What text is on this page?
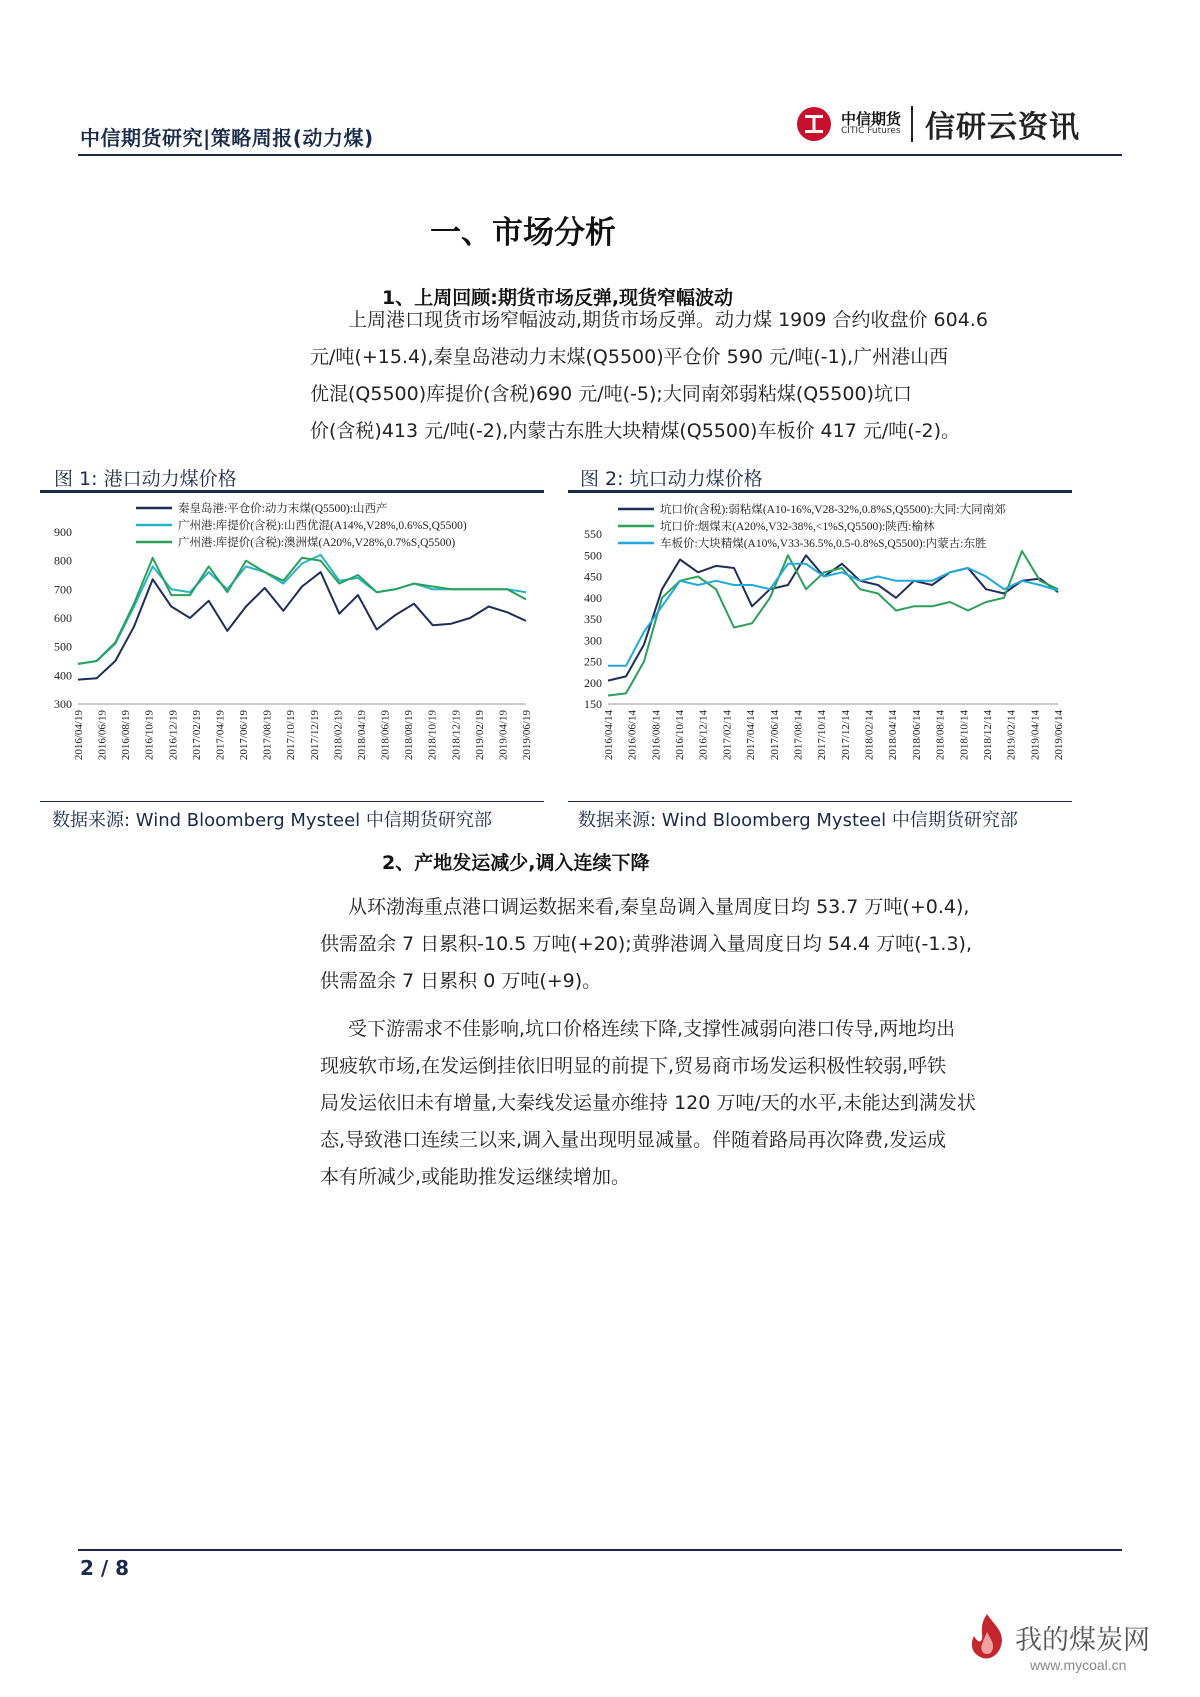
中信期货研究|策略周报(动力煤)
中信期货
CITIC Futures 信研云资讯
一、市场分析
1、上周回顾:期货市场反弹,现货窄幅波动
上周港口现货市场窄幅波动,期货市场反弹。动力煤 1909 合约收盘价 604.6
元/吨(+15.4),秦皇岛港动力末煤(Q5500)平仓价 590 元/吨(-1),广州港山西
优混(Q5500)库提价(含税)690 元/吨(-5);大同南郊弱粘煤(Q5500)坑口
价(含税)413 元/吨(-2),内蒙古东胜大块精煤(Q5500)车板价 417 元/吨(-2)。
图 1: 港口动力煤价格
300
400
500
600
700
800
900
2016/04/19 2016/06/19 2016/08/19 2016/10/19 2016/12/19 2017/02/19 2017/04/19 2017/06/19 2017/08/19 2017/10/19 2017/12/19 2018/02/19 2018/04/19 2018/06/19 2018/08/19 2018/10/19 2018/12/19 2019/02/19 2019/04/19 2019/06/19
秦皇岛港:平仓价:动力末煤(Q5500):山西产
广州港:库提价(含税):山西优混(A14%,V28%,0.6%S,Q5500)
广州港:库提价(含税):澳洲煤(A20%,V28%,0.7%S,Q5500)
数据来源: Wind Bloomberg Mysteel 中信期货研究部
图 2: 坑口动力煤价格
150
200
250
300
350
400
450
500
550
2016/04/14 2016/06/14 2016/08/14 2016/10/14 2016/12/14 2017/02/14 2017/04/14 2017/06/14 2017/08/14 2017/10/14 2017/12/14 2018/02/14 2018/04/14 2018/06/14 2018/08/14 2018/10/14 2018/12/14 2019/02/14 2019/04/14 2019/06/14
坑口价(含税):弱粘煤(A10-16%,V28-32%,0.8%S,Q5500):大同:大同南郊
坑口价:烟煤末(A20%,V32-38%,<1%S,Q5500):陕西:榆林
车板价:大块精煤(A10%,V33-36.5%,0.5-0.8%S,Q5500):内蒙古:东胜
数据来源: Wind Bloomberg Mysteel 中信期货研究部
2、产地发运减少,调入连续下降
从环渤海重点港口调运数据来看,秦皇岛调入量周度日均 53.7 万吨(+0.4),
供需盈余 7 日累积-10.5 万吨(+20);黄骅港调入量周度日均 54.4 万吨(-1.3),
供需盈余 7 日累积 0 万吨(+9)。
受下游需求不佳影响,坑口价格连续下降,支撑性减弱向港口传导,两地均出
现疲软市场,在发运倒挂依旧明显的前提下,贸易商市场发运积极性较弱,呼铁
局发运依旧未有增量,大秦线发运量亦维持 120 万吨/天的水平,未能达到满发状
态,导致港口连续三以来,调入量出现明显减量。伴随着路局再次降费,发运成
本有所减少,或能助推发运继续增加。
2 / 8
我的煤炭网
www.mycoal.cn
